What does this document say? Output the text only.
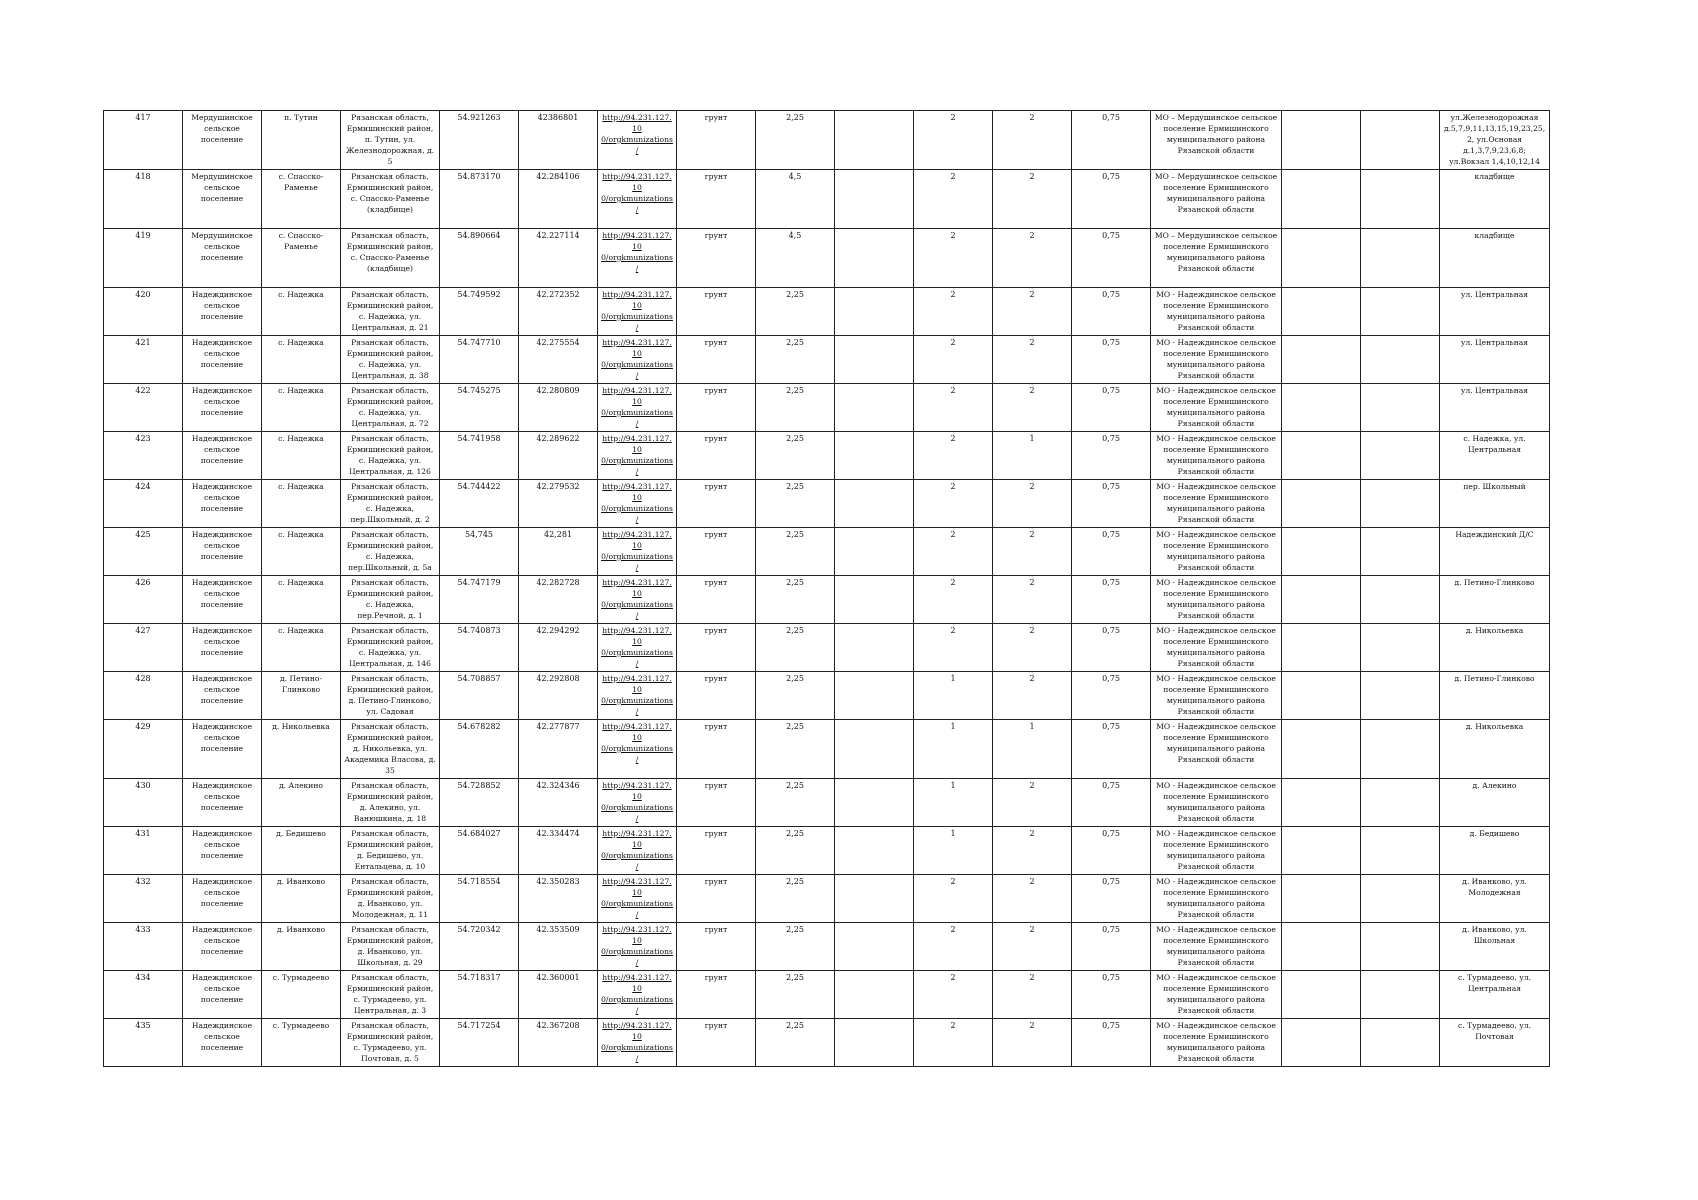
417	Мердушинское сельское поселение	п. Тутин	Рязанская область, Ермишинский район, п. Тутин, ул. Железнодорожная, д. 5	54.921263	42386801	http://94.231.127.10 0/orgkmunizations/	грунт	2,25		2	2	0,75	МО – Мердушинское сельское поселение Ермишинского муниципального района Рязанской области			ул.Железнодорожная д.5,7,9,11,13,15,19,23,25,2, ул.Основая д.1,3,7,9,23,6,8; ул.Вокзал 1,4,10,12,14
418	Мердушинское сельское поселение	с. Спасско-Раменье	Рязанская область, Ермишинский район, с. Спасско-Раменье (кладбище)	54.873170	42.284106	http://94.231.127.10 0/orgkmunizations/	грунт	4,5		2	2	0,75	МО – Мердушинское сельское поселение Ермишинского муниципального района Рязанской области			кладбище
419	Мердушинское сельское поселение	с. Спасско-Раменье	Рязанская область, Ермишинский район, с. Спасско-Раменье (кладбище)	54.890664	42.227114	http://94.231.127.10 0/orgkmunizations/	грунт	4,5		2	2	0,75	МО – Мердушинское сельское поселение Ермишинского муниципального района Рязанской области			кладбище
420	Надеждинское сельское поселение	с. Надежка	Рязанская область, Ермишинский район, с. Надежка, ул. Центральная, д. 21	54.749592	42.272352	http://94.231.127.10 0/orgkmunizations/	грунт	2,25		2	2	0,75	МО - Надеждинское сельское поселение Ермишинского муниципального района Рязанской области			ул. Центральная
421	Надеждинское сельское поселение	с. Надежка	Рязанская область, Ермишинский район, с. Надежка, ул. Центральная, д. 38	54.747710	42.275554	http://94.231.127.10 0/orgkmunizations/	грунт	2,25		2	2	0,75	МО - Надеждинское сельское поселение Ермишинского муниципального района Рязанской области			ул. Центральная
422	Надеждинское сельское поселение	с. Надежка	Рязанская область, Ермишинский район, с. Надежка, ул. Центральная, д. 72	54.745275	42.280809	http://94.231.127.10 0/orgkmunizations/	грунт	2,25		2	2	0,75	МО - Надеждинское сельское поселение Ермишинского муниципального района Рязанской области			ул. Центральная
423	Надеждинское сельское поселение	с. Надежка	Рязанская область, Ермишинский район, с. Надежка, ул. Центральная, д. 126	54.741958	42.289622	http://94.231.127.10 0/orgkmunizations/	грунт	2,25		2	1	0,75	МО - Надеждинское сельское поселение Ермишинского муниципального района Рязанской области			с. Надежка, ул. Центральная
424	Надеждинское сельское поселение	с. Надежка	Рязанская область, Ермишинский район, с. Надежка, пер.Школьный, д. 2	54.744422	42.279532	http://94.231.127.10 0/orgkmunizations/	грунт	2,25		2	2	0,75	МО - Надеждинское сельское поселение Ермишинского муниципального района Рязанской области			пер. Школьный
425	Надеждинское сельское поселение	с. Надежка	Рязанская область, Ермишинский район, с. Надежка, пер.Школьный, д. 5а	54,745	42,281	http://94.231.127.10 0/orgkmunizations/	грунт	2,25		2	2	0,75	МО - Надеждинское сельское поселение Ермишинского муниципального района Рязанской области			Надеждинский Д/С
426	Надеждинское сельское поселение	с. Надежка	Рязанская область, Ермишинский район, с. Надежка, пер.Речной, д. 1	54.747179	42.282728	http://94.231.127.10 0/orgkmunizations/	грунт	2,25		2	2	0,75	МО - Надеждинское сельское поселение Ермишинского муниципального района Рязанской области			д. Петино-Глинково
427	Надеждинское сельское поселение	с. Надежка	Рязанская область, Ермишинский район, с. Надежка, ул. Центральная, д. 146	54.740873	42.294292	http://94.231.127.10 0/orgkmunizations/	грунт	2,25		2	2	0,75	МО - Надеждинское сельское поселение Ермишинского муниципального района Рязанской области			д. Никольевка
428	Надеждинское сельское поселение	д. Петино-Глинково	Рязанская область, Ермишинский район, д. Петино-Глинково, ул. Садовая	54.708857	42.292808	http://94.231.127.10 0/orgkmunizations/	грунт	2,25		1	2	0,75	МО - Надеждинское сельское поселение Ермишинского муниципального района Рязанской области			д. Петино-Глинково
429	Надеждинское сельское поселение	д. Никольевка	Рязанская область, Ермишинский район, д. Никольевка, ул. Академика Власова, д. 35	54.678282	42.277877	http://94.231.127.10 0/orgkmunizations/	грунт	2,25		1	1	0,75	МО - Надеждинское сельское поселение Ермишинского муниципального района Рязанской области			д. Никольевка
430	Надеждинское сельское поселение	д. Алекино	Рязанская область, Ермишинский район, д. Алекино, ул. Ванюшкина, д. 18	54.728852	42.324346	http://94.231.127.10 0/orgkmunizations/	грунт	2,25		1	2	0,75	МО - Надеждинское сельское поселение Ермишинского муниципального района Рязанской области			д. Алекино
431	Надеждинское сельское поселение	д. Бедишево	Рязанская область, Ермишинский район, д. Бедишево, ул. Ентальцева, д. 10	54.684027	42.334474	http://94.231.127.10 0/orgkmunizations/	грунт	2,25		1	2	0,75	МО - Надеждинское сельское поселение Ермишинского муниципального района Рязанской области			д. Бедишево
432	Надеждинское сельское поселение	д. Иванково	Рязанская область, Ермишинский район, д. Иванково, ул. Молодежная, д. 11	54.718554	42.350283	http://94.231.127.10 0/orgkmunizations/	грунт	2,25		2	2	0,75	МО - Надеждинское сельское поселение Ермишинского муниципального района Рязанской области			д. Иванково, ул. Молодежная
433	Надеждинское сельское поселение	д. Иванково	Рязанская область, Ермишинский район, д. Иванково, ул. Школьная, д. 29	54.720342	42.353509	http://94.231.127.10 0/orgkmunizations/	грунт	2,25		2	2	0,75	МО - Надеждинское сельское поселение Ермишинского муниципального района Рязанской области			д. Иванково, ул. Школьная
434	Надеждинское сельское поселение	с. Турмадеево	Рязанская область, Ермишинский район, с. Турмадеево, ул. Центральная, д. 3	54.718317	42.360001	http://94.231.127.10 0/orgkmunizations/	грунт	2,25		2	2	0,75	МО - Надеждинское сельское поселение Ермишинского муниципального района Рязанской области			с. Турмадеево, ул. Центральная
435	Надеждинское сельское поселение	с. Турмадеево	Рязанская область, Ермишинский район, с. Турмадеево, ул. Почтовая, д. 5	54.717254	42.367208	http://94.231.127.10 0/orgkmunizations/	грунт	2,25		2	2	0,75	МО - Надеждинское сельское поселение Ермишинского муниципального района Рязанской области			с. Турмадеево, ул. Почтовая
